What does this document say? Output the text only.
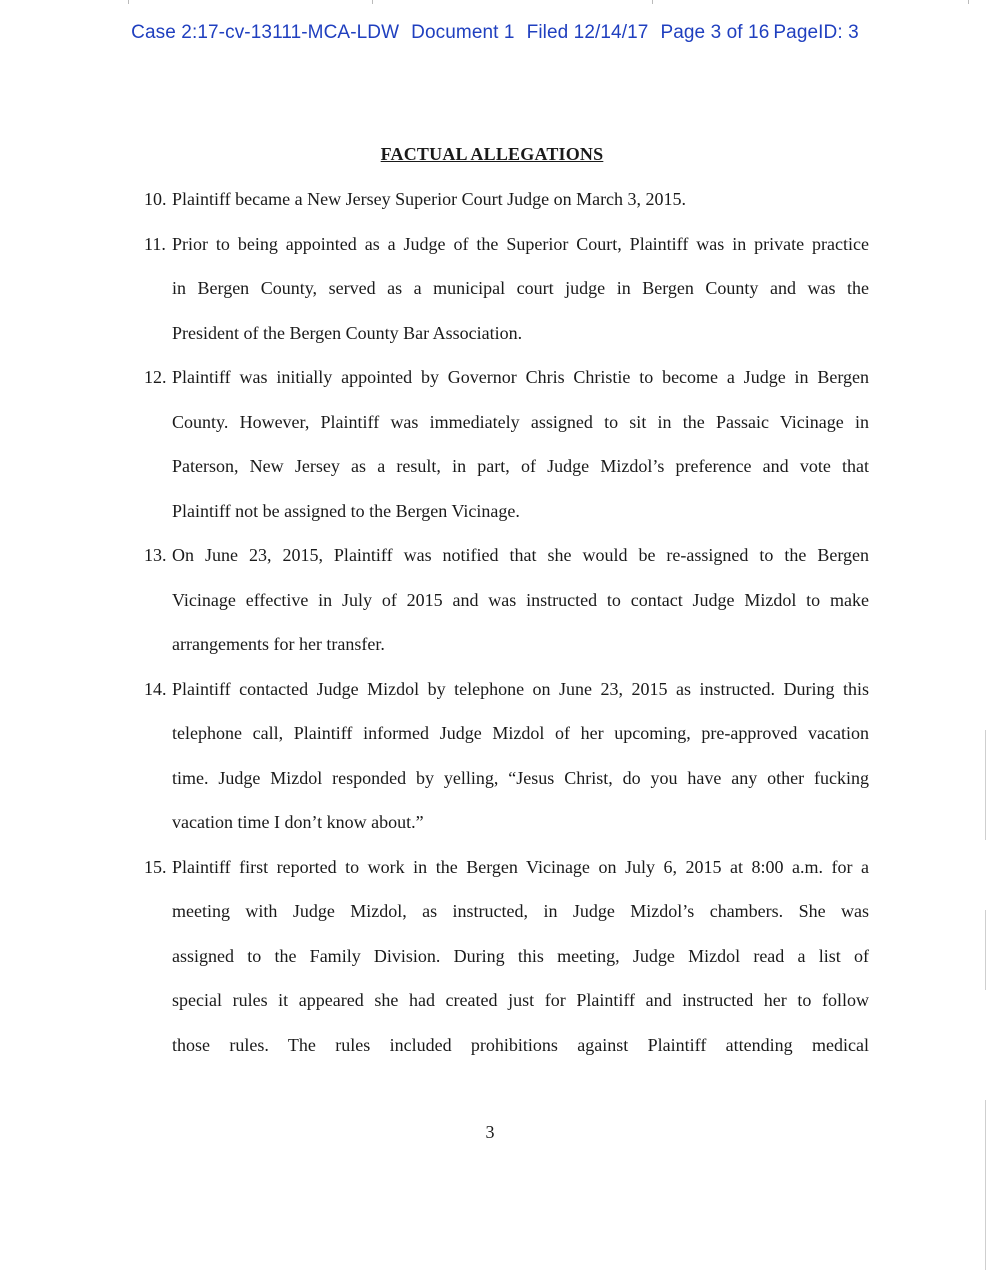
Case 2:17-cv-13111-MCA-LDW Document 1 Filed 12/14/17 Page 3 of 16 PageID: 3
FACTUAL ALLEGATIONS
10. Plaintiff became a New Jersey Superior Court Judge on March 3, 2015.
11. Prior to being appointed as a Judge of the Superior Court, Plaintiff was in private practice
in Bergen County, served as a municipal court judge in Bergen County and was the
President of the Bergen County Bar Association.
12. Plaintiff was initially appointed by Governor Chris Christie to become a Judge in Bergen
County. However, Plaintiff was immediately assigned to sit in the Passaic Vicinage in
Paterson, New Jersey as a result, in part, of Judge Mizdol’s preference and vote that
Plaintiff not be assigned to the Bergen Vicinage.
13. On June 23, 2015, Plaintiff was notified that she would be re-assigned to the Bergen
Vicinage effective in July of 2015 and was instructed to contact Judge Mizdol to make
arrangements for her transfer.
14. Plaintiff contacted Judge Mizdol by telephone on June 23, 2015 as instructed. During this
telephone call, Plaintiff informed Judge Mizdol of her upcoming, pre-approved vacation
time. Judge Mizdol responded by yelling, “Jesus Christ, do you have any other fucking
vacation time I don’t know about.”
15. Plaintiff first reported to work in the Bergen Vicinage on July 6, 2015 at 8:00 a.m. for a
meeting with Judge Mizdol, as instructed, in Judge Mizdol’s chambers. She was
assigned to the Family Division. During this meeting, Judge Mizdol read a list of
special rules it appeared she had created just for Plaintiff and instructed her to follow
those rules. The rules included prohibitions against Plaintiff attending medical
3
